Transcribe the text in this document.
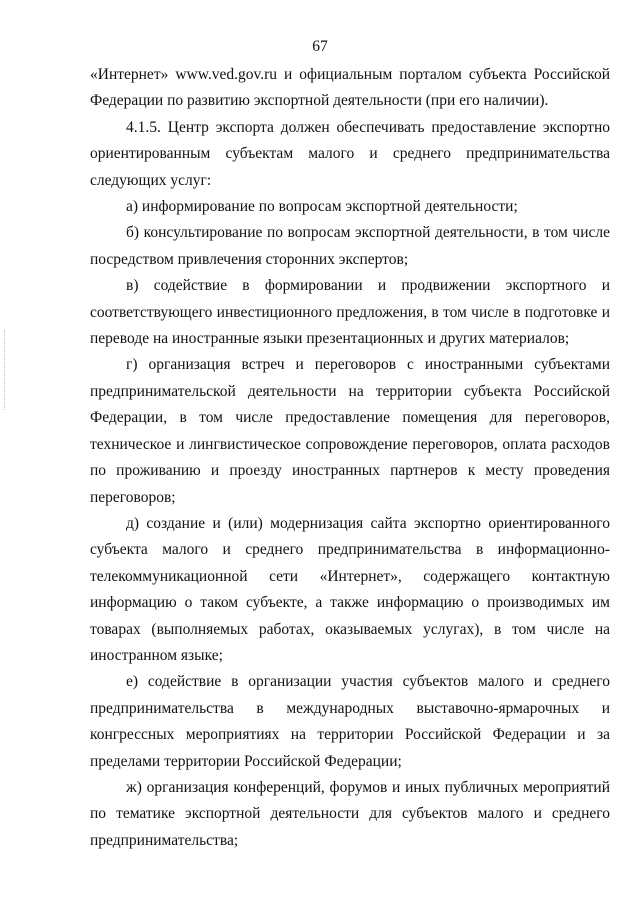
67

«Интернет» www.ved.gov.ru и официальным порталом субъекта Российской Федерации по развитию экспортной деятельности (при его наличии).

4.1.5. Центр экспорта должен обеспечивать предоставление экспортно ориентированным субъектам малого и среднего предпринимательства следующих услуг:

а) информирование по вопросам экспортной деятельности;

б) консультирование по вопросам экспортной деятельности, в том числе посредством привлечения сторонних экспертов;

в) содействие в формировании и продвижении экспортного и соответствующего инвестиционного предложения, в том числе в подготовке и переводе на иностранные языки презентационных и других материалов;

г) организация встреч и переговоров с иностранными субъектами предпринимательской деятельности на территории субъекта Российской Федерации, в том числе предоставление помещения для переговоров, техническое и лингвистическое сопровождение переговоров, оплата расходов по проживанию и проезду иностранных партнеров к месту проведения переговоров;

д) создание и (или) модернизация сайта экспортно ориентированного субъекта малого и среднего предпринимательства в информационно-телекоммуникационной сети «Интернет», содержащего контактную информацию о таком субъекте, а также информацию о производимых им товарах (выполняемых работах, оказываемых услугах), в том числе на иностранном языке;

е) содействие в организации участия субъектов малого и среднего предпринимательства в международных выставочно-ярмарочных и конгрессных мероприятиях на территории Российской Федерации и за пределами территории Российской Федерации;

ж) организация конференций, форумов и иных публичных мероприятий по тематике экспортной деятельности для субъектов малого и среднего предпринимательства;
